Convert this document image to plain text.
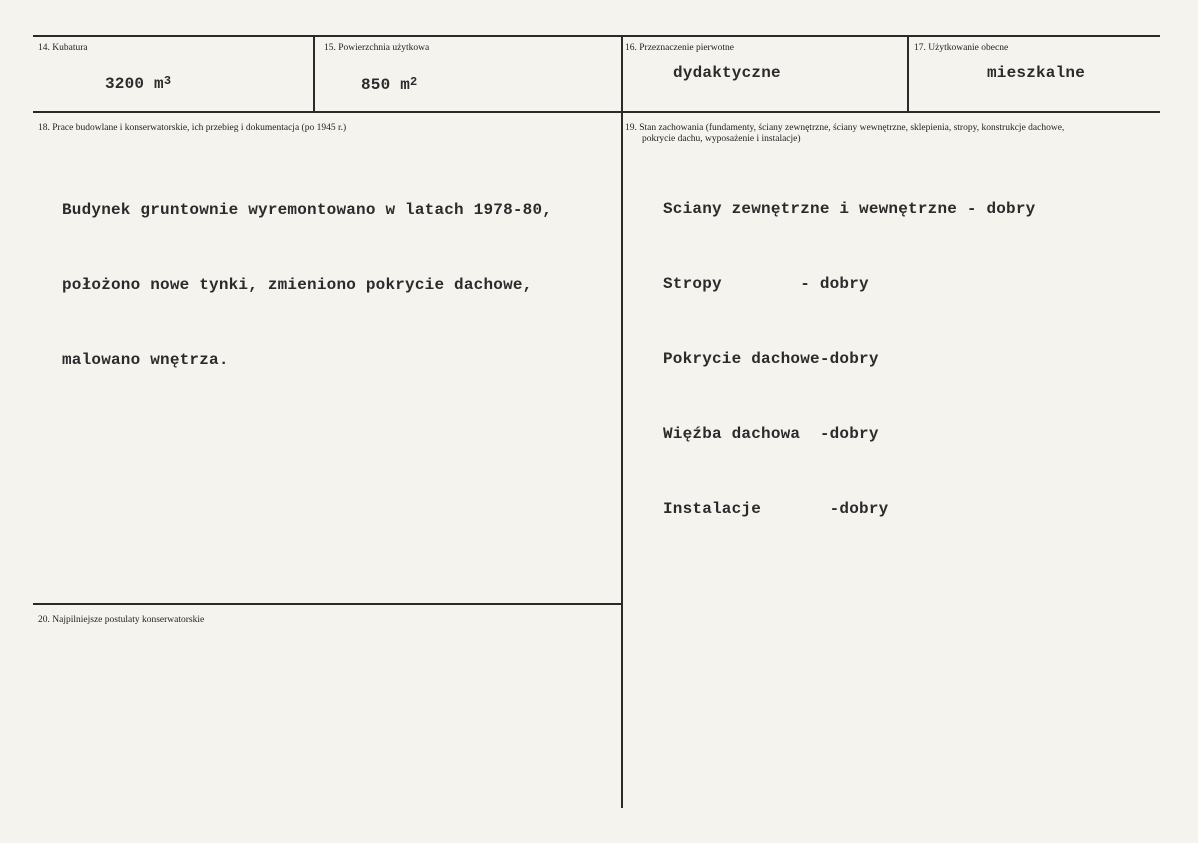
14. Kubatura
3200 $m^3$
15. Powierzchnia użytkowa
850 $m^2$
16. Przeznaczenie pierwotne
dydaktyczne
17. Użytkowanie obecne
mieszkalne
18. Prace budowlane i konserwatorskie, ich przebieg i dokumentacja (po 1945 r.)

Budynek gruntownie wyremontowano w latach 1978-80,

położono nowe tynki, zmieniono pokrycie dachowe,

malowano wnętrza.

19. Stan zachowania (fundamenty, ściany zewnętrzne, ściany wewnętrzne, sklepienia, stropy, konstrukcje dachowe,
pokrycie dachu, wyposażenie i instalacje)

Sciany zewnętrzne i wewnętrzne - dobry

Stropy        - dobry

Pokrycie dachowe-dobry

Więźba dachowa  -dobry

Instalacje       -dobry

20. Najpilniejsze postulaty konserwatorskie
